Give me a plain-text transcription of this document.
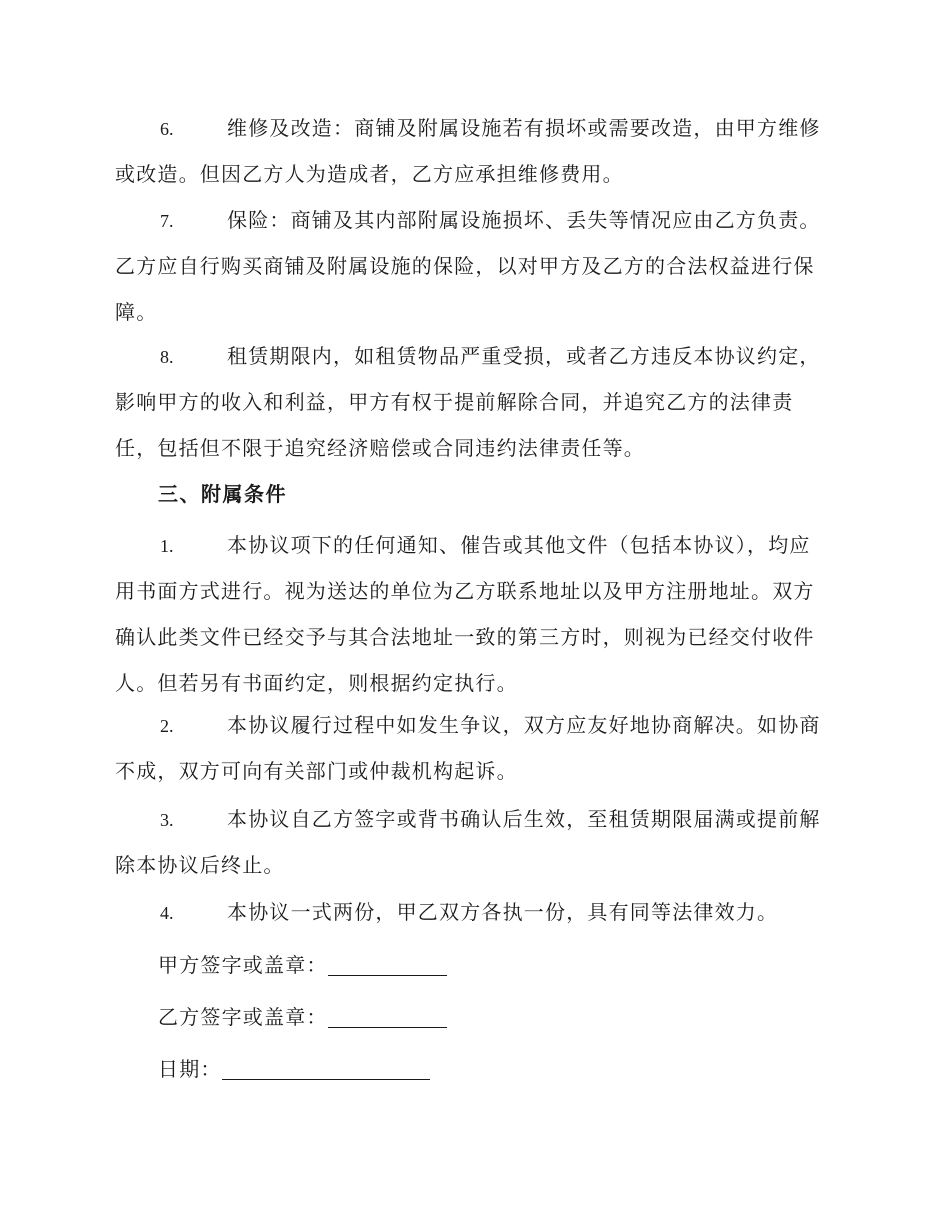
6.	维修及改造：商铺及附属设施若有损坏或需要改造，由甲方维修
或改造。但因乙方人为造成者，乙方应承担维修费用。
7.	保险：商铺及其内部附属设施损坏、丢失等情况应由乙方负责。
乙方应自行购买商铺及附属设施的保险，以对甲方及乙方的合法权益进行保
障。
8.	租赁期限内，如租赁物品严重受损，或者乙方违反本协议约定，
影响甲方的收入和利益，甲方有权于提前解除合同，并追究乙方的法律责
任，包括但不限于追究经济赔偿或合同违约法律责任等。
三、附属条件
1.	本协议项下的任何通知、催告或其他文件（包括本协议），均应
用书面方式进行。视为送达的单位为乙方联系地址以及甲方注册地址。双方
确认此类文件已经交予与其合法地址一致的第三方时，则视为已经交付收件
人。但若另有书面约定，则根据约定执行。
2.	本协议履行过程中如发生争议，双方应友好地协商解决。如协商
不成，双方可向有关部门或仲裁机构起诉。
3.	本协议自乙方签字或背书确认后生效，至租赁期限届满或提前解
除本协议后终止。
4.	本协议一式两份，甲乙双方各执一份，具有同等法律效力。
甲方签字或盖章：
乙方签字或盖章：
日期：
